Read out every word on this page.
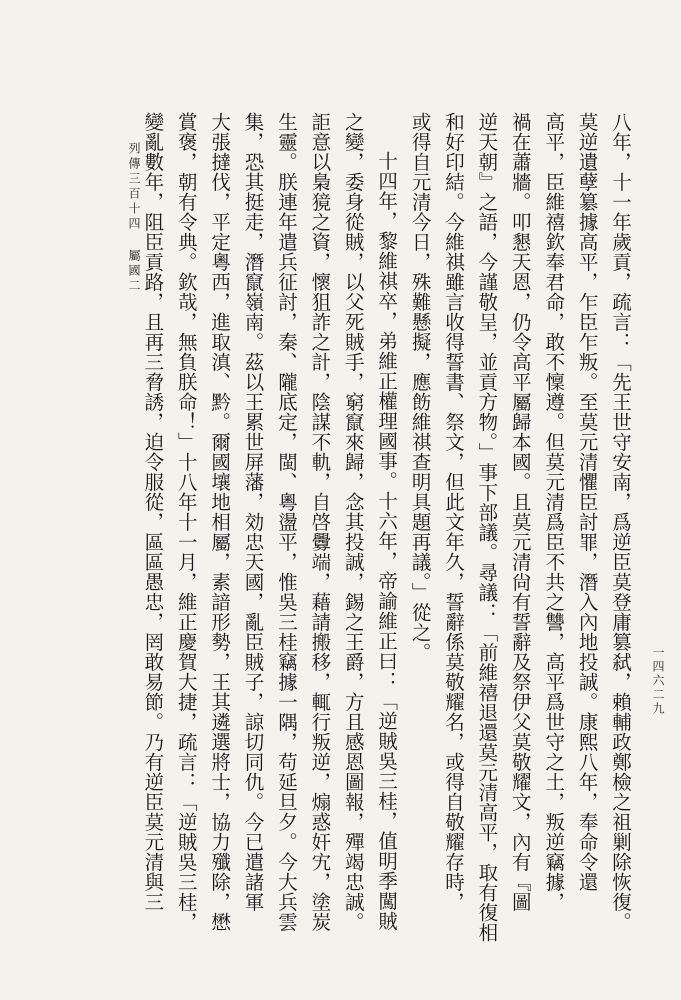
八年，十一年歲貢，疏言：「先王世守安南，爲逆臣莫登庸篡弑，賴輔政鄭檢之祖剿除恢復。
莫逆遺孽簒據高平，乍臣乍叛。至莫元清懼臣討罪，潛入內地投誠。康熙八年，奉命令還
高平，臣維禧欽奉君命，敢不懍遵。但莫元清爲臣不共之讐，高平爲世守之土，叛逆竊據，
禍在蕭牆。叩懇天恩，仍令高平屬歸本國。且莫元清尙有誓辭及祭伊父莫敬耀文，內有『圖
逆天朝』之語，今謹敬呈，並貢方物。」事下部議。尋議：「前維禧退還莫元清高平，取有復相
和好印結。今維祺雖言收得誓書、祭文，但此文年久，誓辭係莫敬耀名，或得自敬耀存時，
或得自元清今日，殊難懸擬，應飭維祺查明具題再議。」從之。
十四年，黎維祺卒，弟維正權理國事。十六年，帝諭維正曰：「逆賊吳三桂，值明季闖賊
之變，委身從賊，以父死賊手，窮竄來歸，念其投誠，錫之王爵，方且感恩圖報，殫竭忠誠。
詎意以梟獍之資，懷狙詐之計，陰謀不軌，自啓釁端，藉請搬移，輒行叛逆，煽惑奸宄，塗炭
生靈。朕連年遣兵征討，秦、隴底定，閩、粵盪平，惟吳三桂竊據一隅，苟延旦夕。今大兵雲
集，恐其挺走，潛竄嶺南。茲以王累世屏藩，効忠天國，亂臣賊子，諒切同仇。今已遣諸軍
大張撻伐，平定粵西，進取滇、黔。爾國壤地相屬，素諳形勢，王其遴選將士，協力殲除，懋
賞褒，朝有令典。欽哉，無負朕命！」十八年十一月，維正慶賀大捷，疏言：「逆賊吳三桂，
變亂數年，阻臣貢路，且再三脅誘，迫令服從，區區愚忠，罔敢易節。乃有逆臣莫元清與三
列傳三百十四 屬國二
一四六二九
